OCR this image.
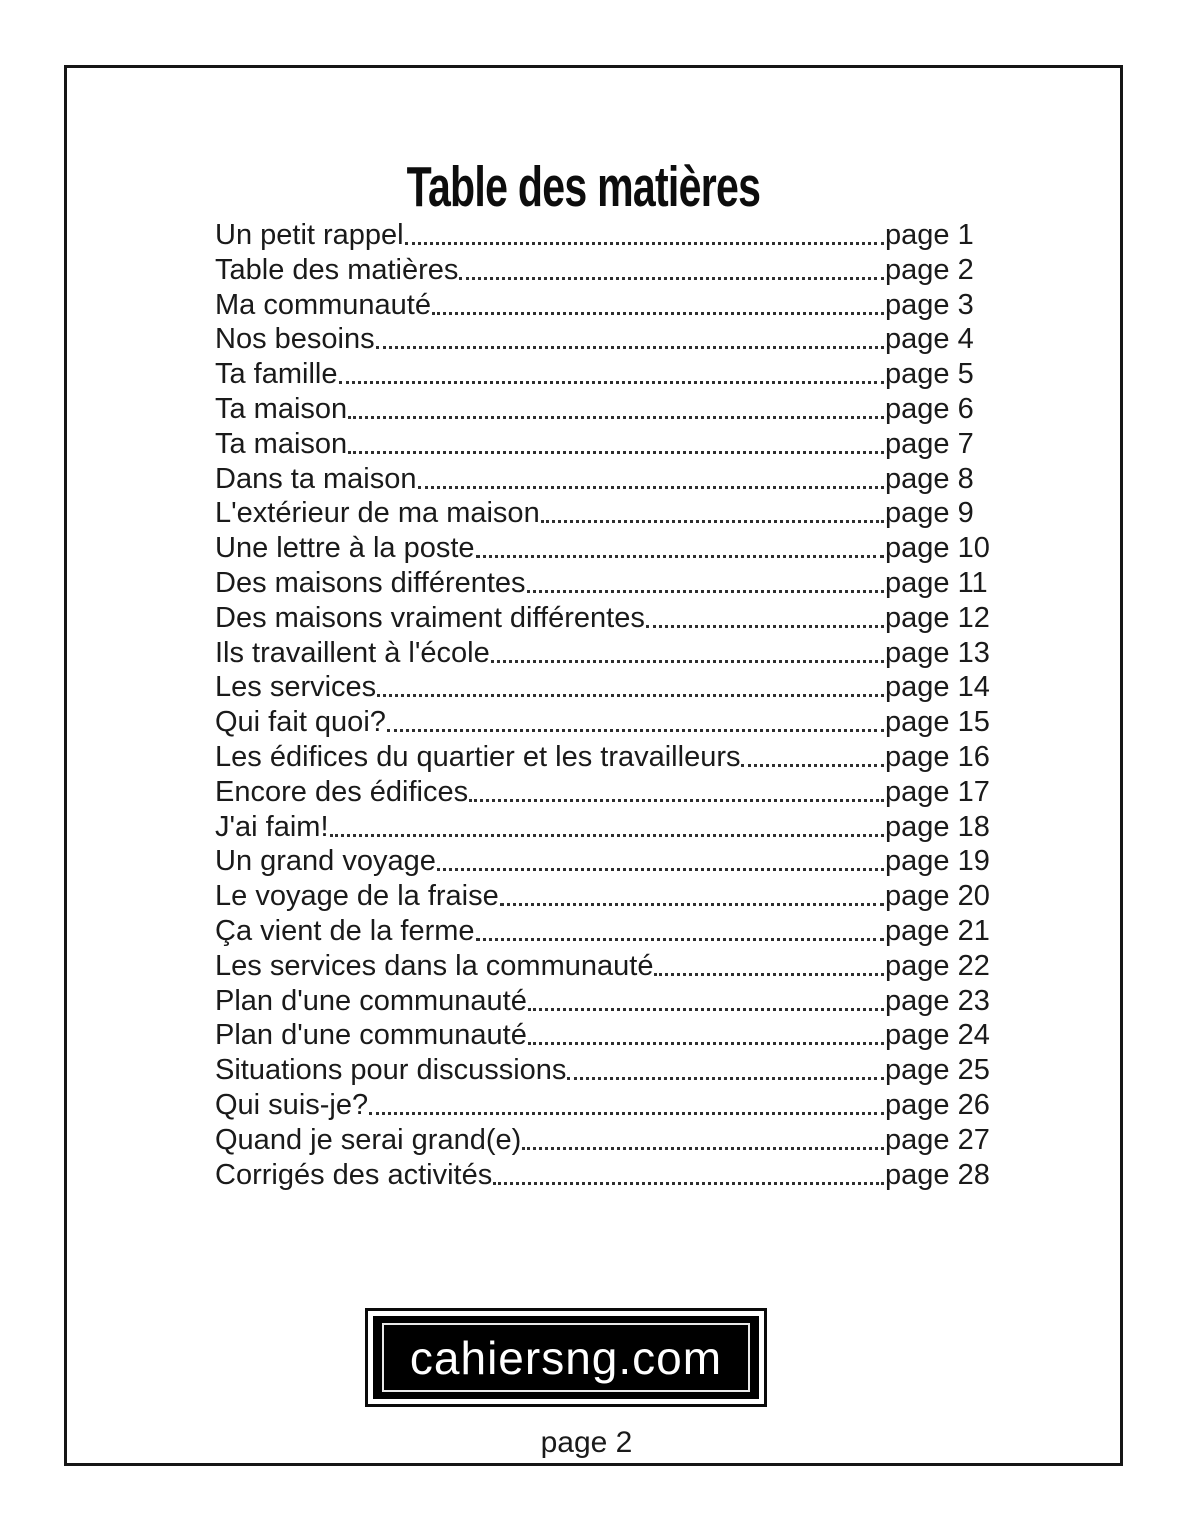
Table des matières
Un petit rappel	page 1
Table des matières	page 2
Ma communauté	page 3
Nos besoins	page 4
Ta famille	page 5
Ta maison	page 6
Ta maison	page 7
Dans ta maison	page 8
L'extérieur de ma maison	page 9
Une lettre à la poste	page 10
Des maisons différentes	page 11
Des maisons vraiment différentes	page 12
Ils travaillent à l'école	page 13
Les services	page 14
Qui fait quoi?	page 15
Les édifices du quartier et les travailleurs	page 16
Encore des édifices	page 17
J'ai faim!	page 18
Un grand voyage	page 19
Le voyage de la fraise	page 20
Ça vient de la ferme	page 21
Les services dans la communauté	page 22
Plan d'une communauté	page 23
Plan d'une communauté	page 24
Situations pour discussions	page 25
Qui suis-je?	page 26
Quand je serai grand(e)	page 27
Corrigés des activités	page 28
cahiersng.com
page 2
